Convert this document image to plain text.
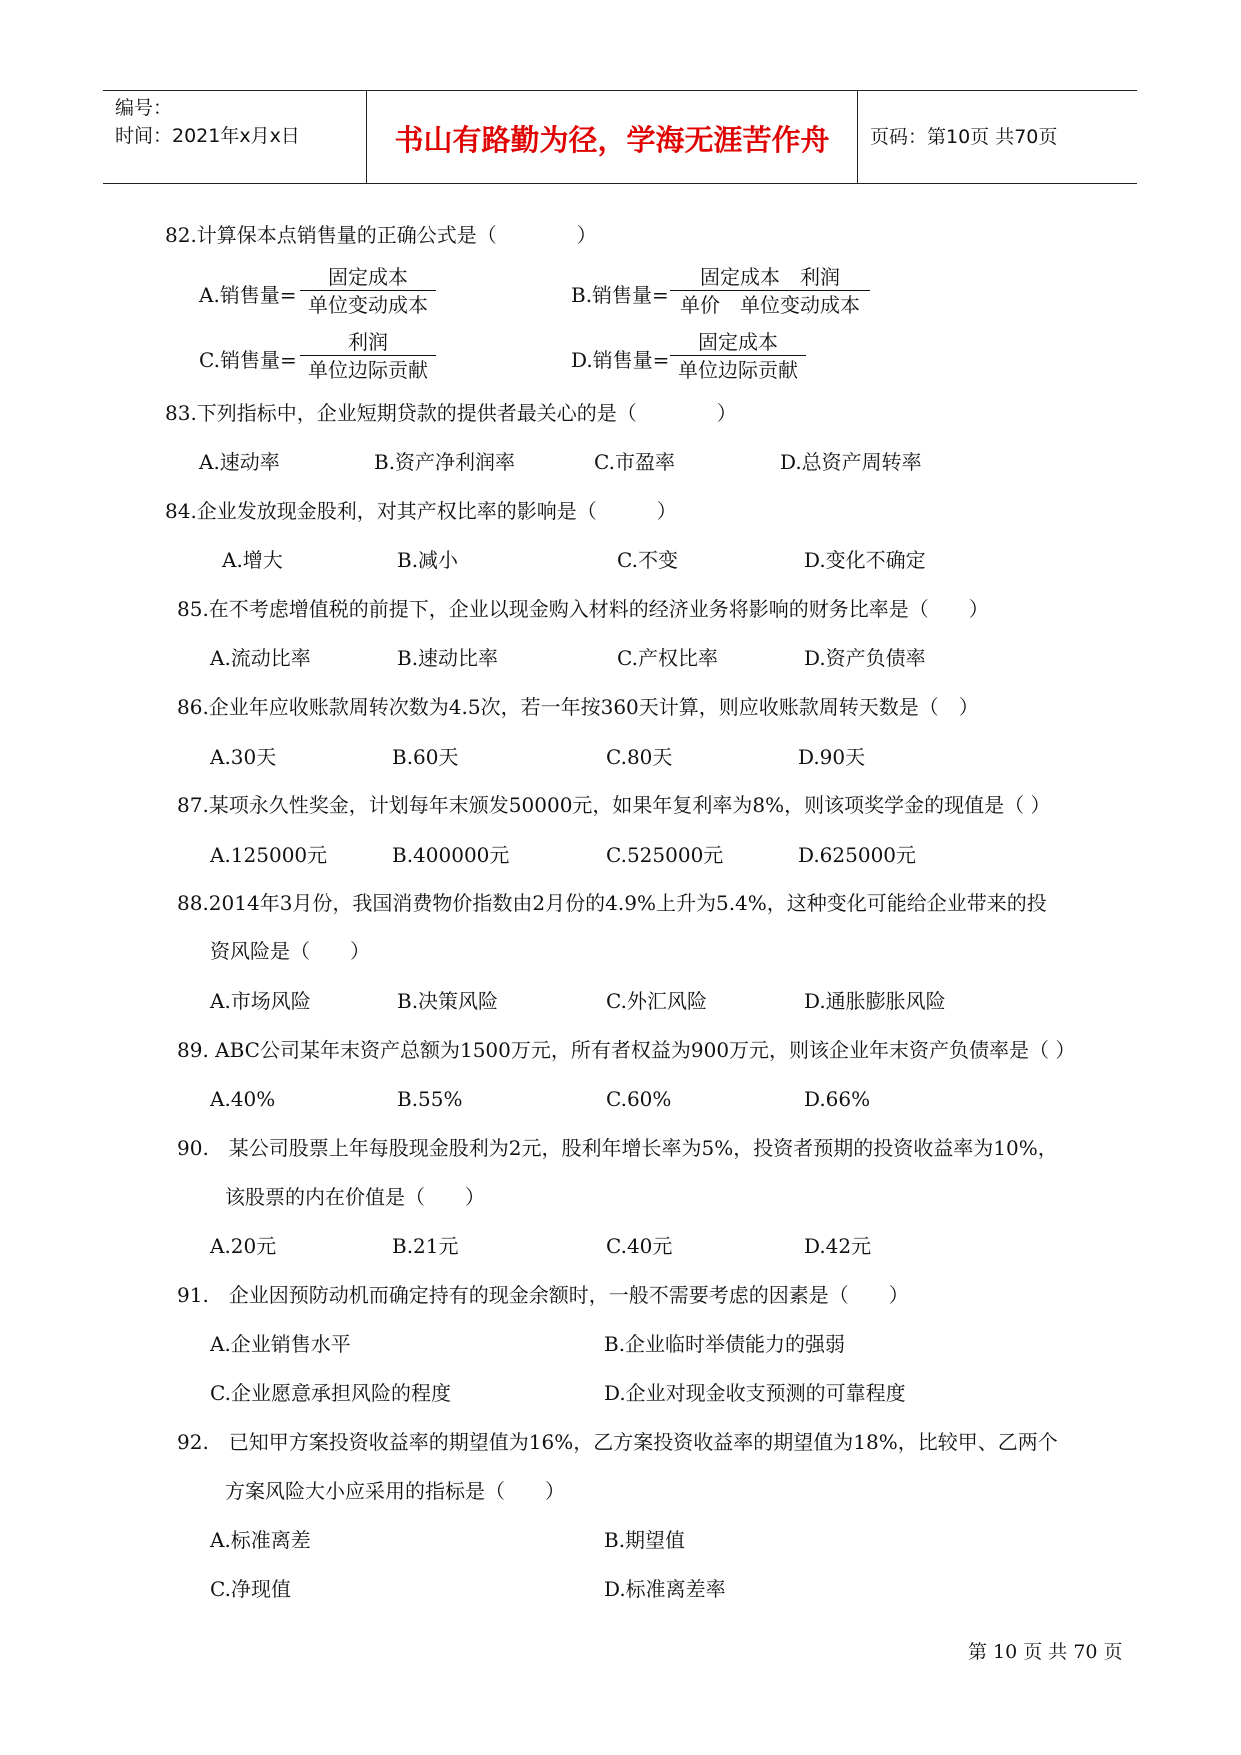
编号：
时间：2021年x月x日	书山有路勤为径，学海无涯苦作舟	页码：第10页 共70页
82.计算保本点销售量的正确公式是（　　　　）
A.销售量=
固定成本
单位变动成本	B.销售量=
固定成本　利润
单价　单位变动成本
C.销售量=
利润
单位边际贡献	D.销售量=
固定成本
单位边际贡献
83.下列指标中，企业短期贷款的提供者最关心的是（　　　　）
A.速动率	B.资产净利润率	C.市盈率	D.总资产周转率
84.企业发放现金股利，对其产权比率的影响是（　　　）
A.增大	B.减小	C.不变	D.变化不确定
85.在不考虑增值税的前提下，企业以现金购入材料的经济业务将影响的财务比率是（　　）
A.流动比率	B.速动比率	C.产权比率	D.资产负债率
86.企业年应收账款周转次数为4.5次，若一年按360天计算，则应收账款周转天数是（　）
A.30天	B.60天	C.80天	D.90天
87.某项永久性奖金，计划每年末颁发50000元，如果年复利率为8%，则该项奖学金的现值是（ ）
A.125000元	B.400000元	C.525000元	D.625000元
88.2014年3月份，我国消费物价指数由2月份的4.9%上升为5.4%，这种变化可能给企业带来的投
资风险是（　　）
A.市场风险	B.决策风险	C.外汇风险	D.通胀膨胀风险
89. ABC公司某年末资产总额为1500万元，所有者权益为900万元，则该企业年末资产负债率是（ ）
A.40%	B.55%	C.60%	D.66%
90.　某公司股票上年每股现金股利为2元，股利年增长率为5%，投资者预期的投资收益率为10%，
该股票的内在价值是（　　）
A.20元	B.21元	C.40元	D.42元
91.　企业因预防动机而确定持有的现金余额时，一般不需要考虑的因素是（　　）
A.企业销售水平	B.企业临时举债能力的强弱
C.企业愿意承担风险的程度	D.企业对现金收支预测的可靠程度
92.　已知甲方案投资收益率的期望值为16%，乙方案投资收益率的期望值为18%，比较甲、乙两个
方案风险大小应采用的指标是（　　）
A.标准离差	B.期望值
C.净现值	D.标准离差率
第 10 页 共 70 页
